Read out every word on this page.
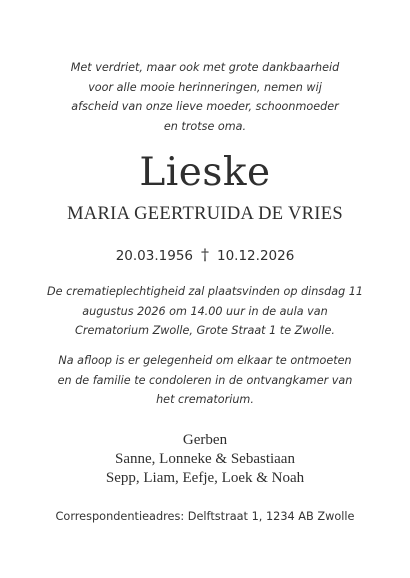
Met verdriet, maar ook met grote dankbaarheid
voor alle mooie herinneringen, nemen wij
afscheid van onze lieve moeder, schoonmoeder
en trotse oma.
Lieske
MARIA GEERTRUIDA DE VRIES
20.03.1956 † 10.12.2026
De crematieplechtigheid zal plaatsvinden op dinsdag 11
augustus 2026 om 14.00 uur in de aula van
Crematorium Zwolle, Grote Straat 1 te Zwolle.
Na afloop is er gelegenheid om elkaar te ontmoeten
en de familie te condoleren in de ontvangkamer van
het crematorium.
Gerben
Sanne, Lonneke & Sebastiaan
Sepp, Liam, Eefje, Loek & Noah
Correspondentieadres: Delftstraat 1, 1234 AB Zwolle
